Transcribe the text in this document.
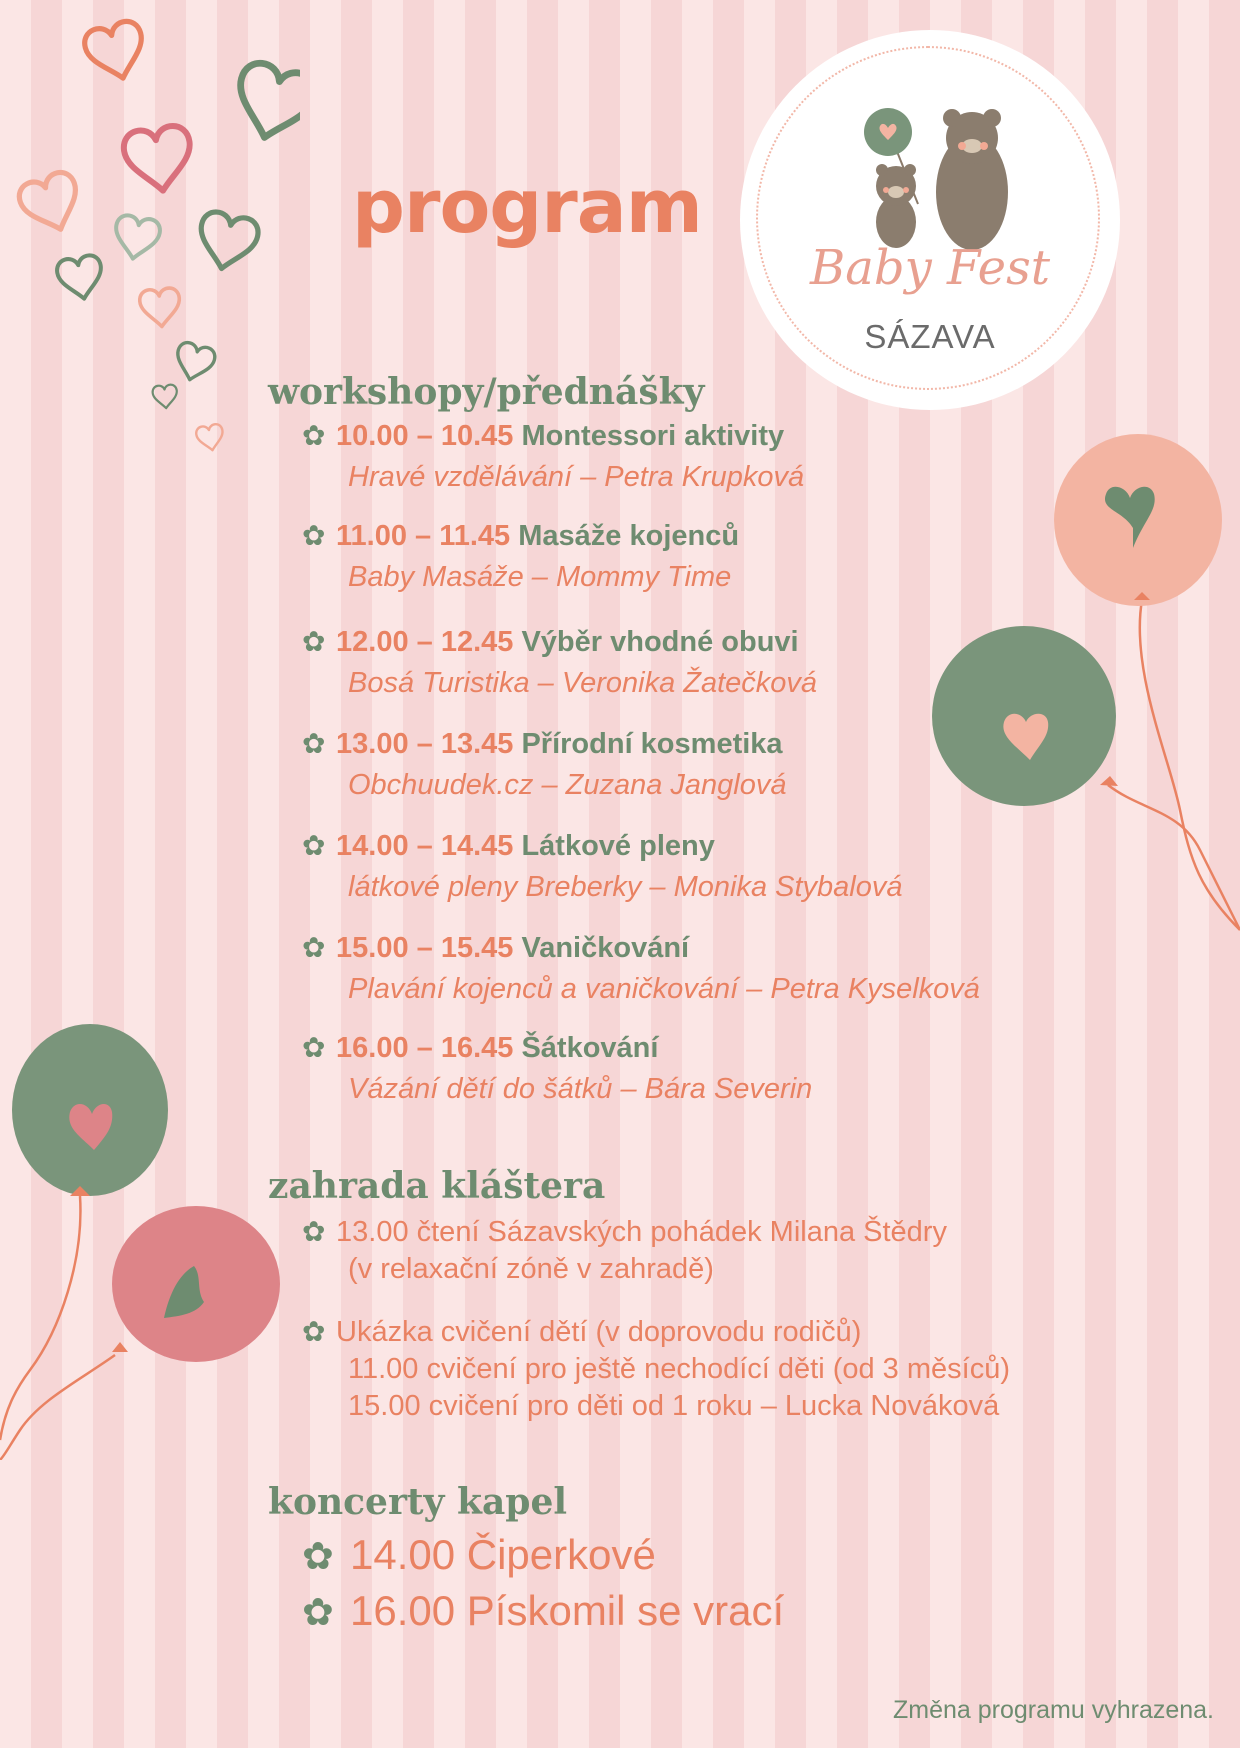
Baby Fest
SÁZAVA
program
workshopy/přednášky
✿ 10.00 – 10.45 Montessori aktivity
Hravé vzdělávání – Petra Krupková
✿ 11.00 – 11.45 Masáže kojenců
Baby Masáže – Mommy Time
✿ 12.00 – 12.45 Výběr vhodné obuvi
Bosá Turistika – Veronika Žatečková
✿ 13.00 – 13.45 Přírodní kosmetika
Obchuudek.cz – Zuzana Janglová
✿ 14.00 – 14.45 Látkové pleny
látkové pleny Breberky – Monika Stybalová
✿ 15.00 – 15.45 Vaničkování
Plavání kojenců a vaničkování – Petra Kyselková
✿ 16.00 – 16.45 Šátkování
Vázání dětí do šátků – Bára Severin
zahrada kláštera
✿ 13.00 čtení Sázavských pohádek Milana Štědry
(v relaxační zóně v zahradě)
✿ Ukázka cvičení dětí (v doprovodu rodičů)
11.00 cvičení pro ještě nechodící děti (od 3 měsíců)
15.00 cvičení pro děti od 1 roku – Lucka Nováková
koncerty kapel
✿ 14.00 Čiperkové
✿ 16.00 Pískomil se vrací
Změna programu vyhrazena.
